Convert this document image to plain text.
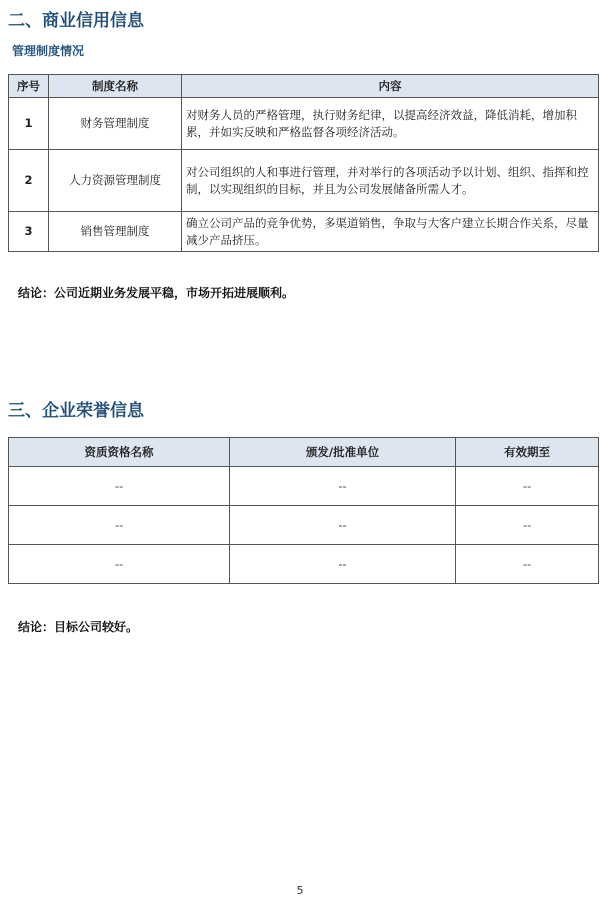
二、商业信用信息
管理制度情况
序号	制度名称	内容
1	财务管理制度	对财务人员的严格管理，执行财务纪律，以提高经济效益，降低消耗，增加积累，并如实反映和严格监督各项经济活动。
2	人力资源管理制度	对公司组织的人和事进行管理，并对举行的各项活动予以计划、组织、指挥和控制，以实现组织的目标，并且为公司发展储备所需人才。
3	销售管理制度	确立公司产品的竞争优势，多渠道销售，争取与大客户建立长期合作关系，尽量减少产品挤压。

结论：公司近期业务发展平稳，市场开拓进展顺利。

三、企业荣誉信息
资质资格名称	颁发/批准单位	有效期至
--	--	--
--	--	--
--	--	--

结论：目标公司较好。

5
